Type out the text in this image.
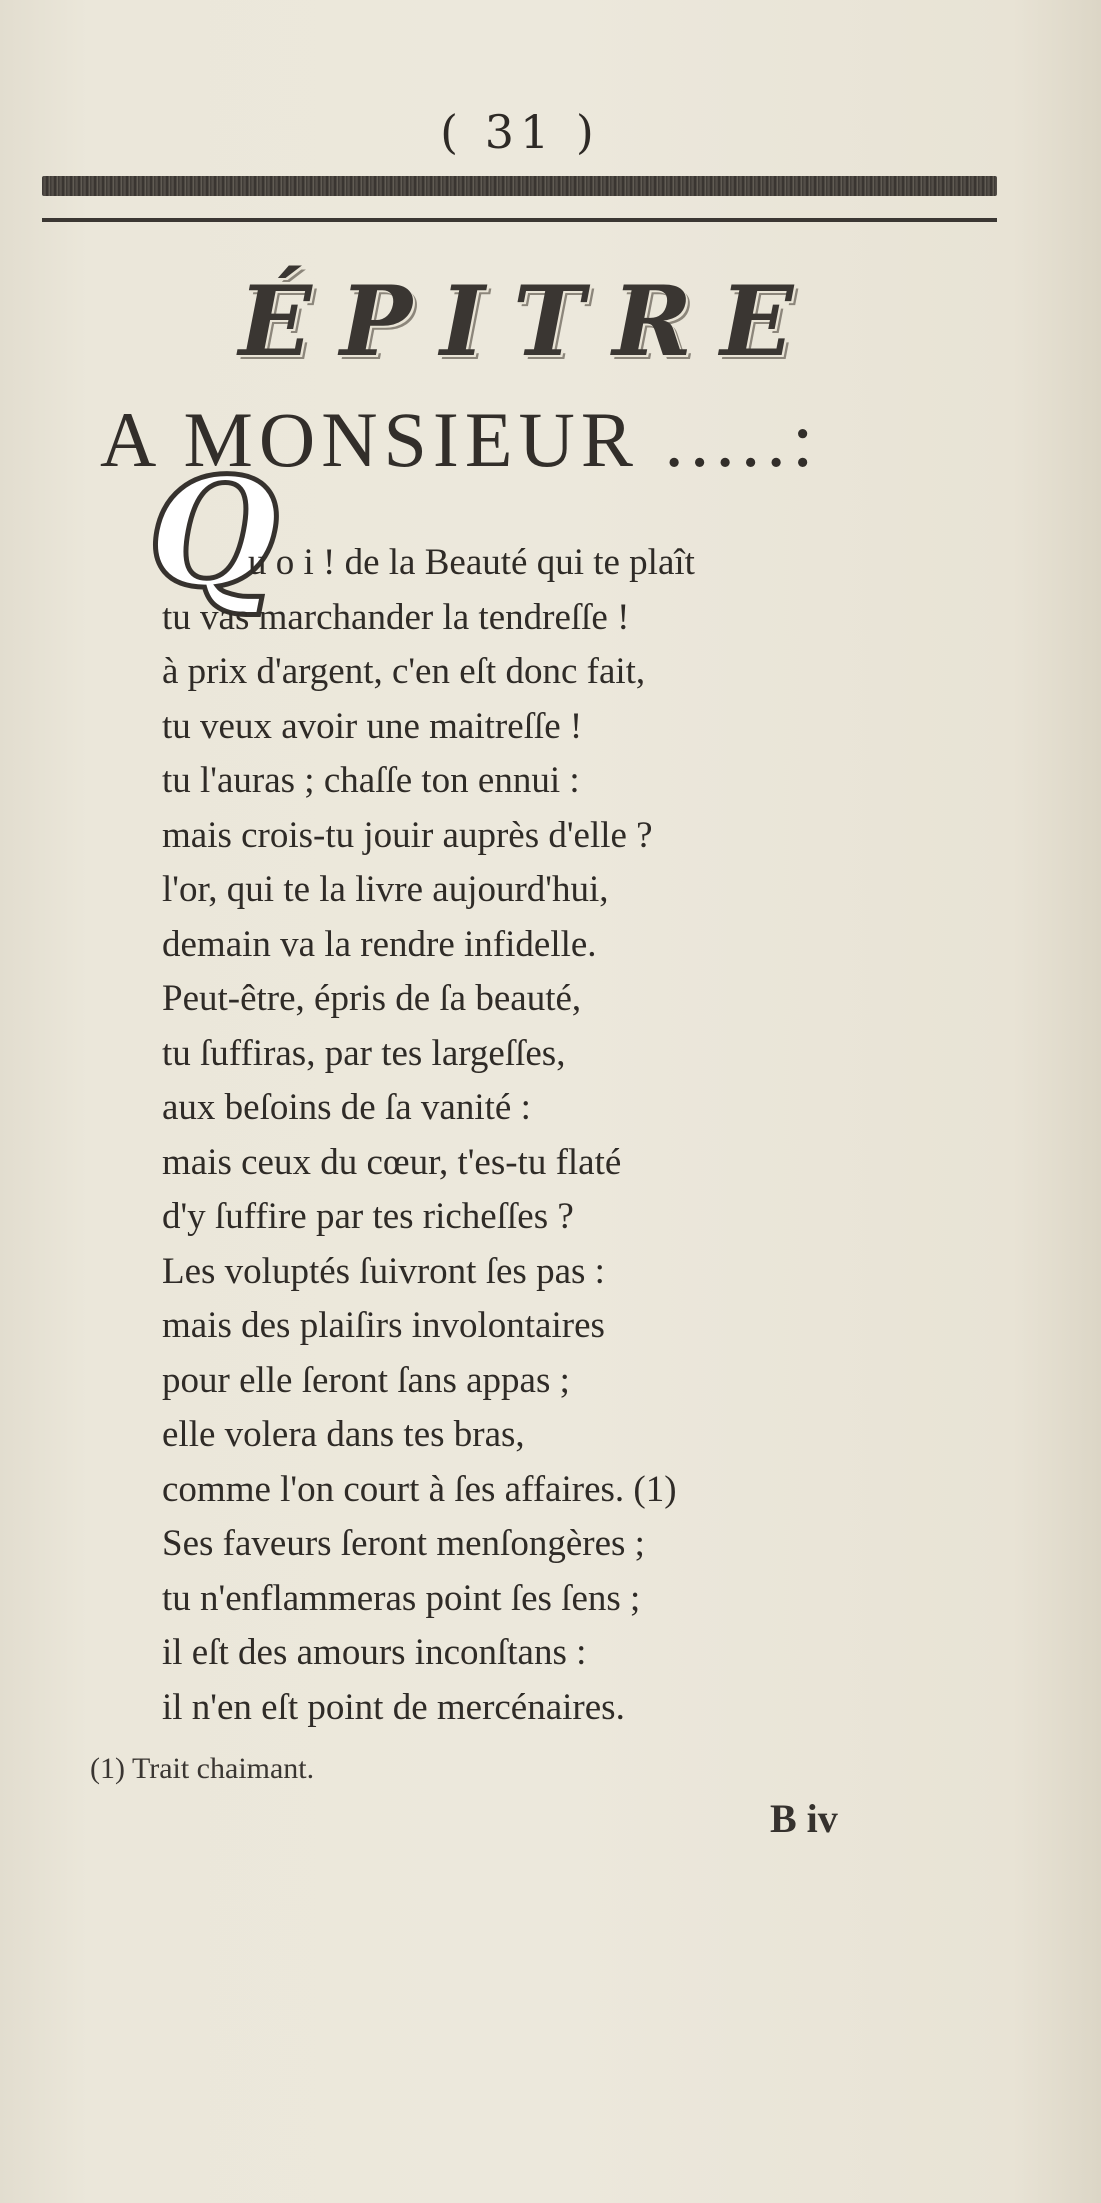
( 31 )
ÉPITRE
A MONSIEUR .....:
Q
u o i ! de la Beauté qui te plaît
tu vas marchander la tendreſſe !
à prix d'argent, c'en eſt donc fait,
tu veux avoir une maitreſſe !
tu l'auras ; chaſſe ton ennui :
mais crois-tu jouir auprès d'elle ?
l'or, qui te la livre aujourd'hui,
demain va la rendre infidelle.
Peut-être, épris de ſa beauté,
tu ſuffiras, par tes largeſſes,
aux beſoins de ſa vanité :
mais ceux du cœur, t'es-tu flaté
d'y ſuffire par tes richeſſes ?
Les voluptés ſuivront ſes pas :
mais des plaiſirs involontaires
pour elle ſeront ſans appas ;
elle volera dans tes bras,
comme l'on court à ſes affaires. (1)
Ses faveurs ſeront menſongères ;
tu n'enflammeras point ſes ſens ;
il eſt des amours inconſtans :
il n'en eſt point de mercénaires.
(1) Trait chaimant.
B iv
